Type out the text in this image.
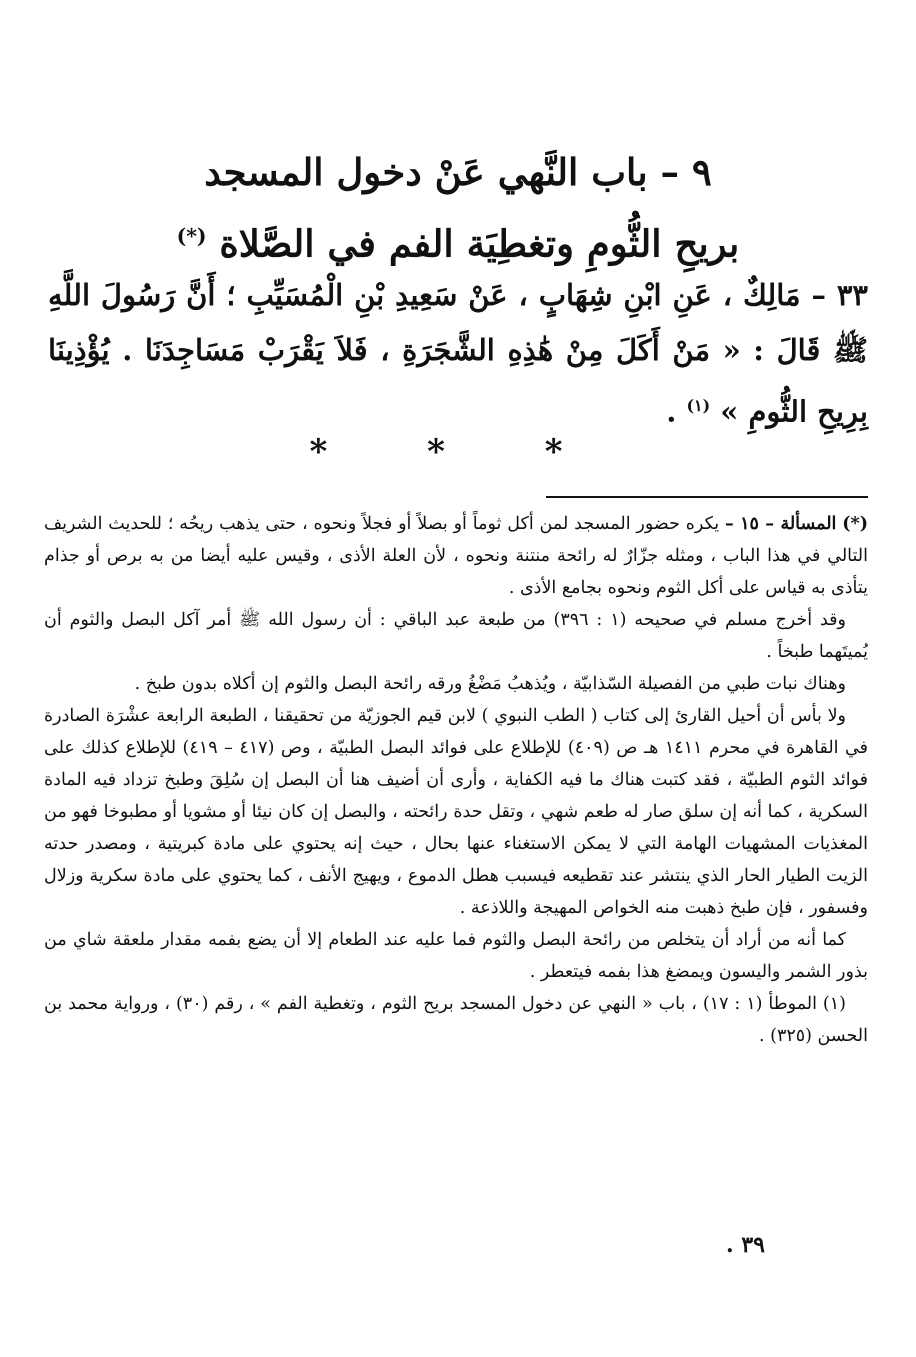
٩ – باب النَّهي عَنْ دخول المسجد
بريحِ الثُّومِ وتغطِيَة الفم في الصَّلاة (*)
٣٣ – مَالِكٌ ، عَنِ ابْنِ شِهَابٍ ، عَنْ سَعِيدِ بْنِ الْمُسَيِّبِ ؛ أَنَّ رَسُولَ اللَّهِ ﷺ قَالَ : « مَنْ أَكَلَ مِنْ هَٰذِهِ الشَّجَرَةِ ، فَلاَ يَقْرَبْ مَسَاجِدَنَا . يُؤْذِينَا بِرِيحِ الثُّومِ » $^{(١)}$ .
* * *

(*) المسألة – ١٥ – يكره حضور المسجد لمن أكل ثوماً أو بصلاً أو فجلاً ونحوه ، حتى يذهب ريحُه ؛ للحديث الشريف التالي في هذا الباب ، ومثله جزّارٌ له رائحة منتنة ونحوه ، لأن العلة الأذى ، وقيس عليه أيضا من به برص أو جذام يتأذى به قياس على أكل الثوم ونحوه بجامع الأذى .

وقد أخرج مسلم في صحيحه (١ : ٣٩٦) من طبعة عبد الباقي : أن رسول الله ﷺ أمر آكل البصل والثوم أن يُميتَهما طبخاً .

وهناك نبات طبي من الفصيلة السّذابيّة ، ويُذهبُ مَضْغُ ورقه رائحة البصل والثوم إن أكلاه بدون طبخ .

ولا بأس أن أحيل القارئ إلى كتاب ( الطب النبوي ) لابن قيم الجوزيّة من تحقيقنا ، الطبعة الرابعة عشْرَة الصادرة في القاهرة في محرم ١٤١١ هـ ص (٤٠٩) للإطلاع على فوائد البصل الطبيّة ، وص (٤١٧ – ٤١٩) للإطلاع كذلك على فوائد الثوم الطبيّة ، فقد كتبت هناك ما فيه الكفاية ، وأرى أن أضيف هنا أن البصل إن سُلِقَ وطبخ تزداد فيه المادة السكرية ، كما أنه إن سلق صار له طعم شهي ، وتقل حدة رائحته ، والبصل إن كان نيئا أو مشويا أو مطبوخا فهو من المغذيات المشهيات الهامة التي لا يمكن الاستغناء عنها بحال ، حيث إنه يحتوي على مادة كبريتية ، ومصدر حدته الزيت الطيار الحار الذي ينتشر عند تقطيعه فيسبب هطل الدموع ، ويهيج الأنف ، كما يحتوي على مادة سكرية وزلال وفسفور ، فإن طبخ ذهبت منه الخواص المهيجة واللاذعة .

كما أنه من أراد أن يتخلص من رائحة البصل والثوم فما عليه عند الطعام إلا أن يضع بفمه مقدار ملعقة شاي من بذور الشمر واليسون ويمضغ هذا بفمه فيتعطر .

(١) الموطأ (١ : ١٧) ، باب « النهي عن دخول المسجد بريح الثوم ، وتغطية الفم » ، رقم (٣٠) ، ورواية محمد بن الحسن (٣٢٥) .

٣٩ .
